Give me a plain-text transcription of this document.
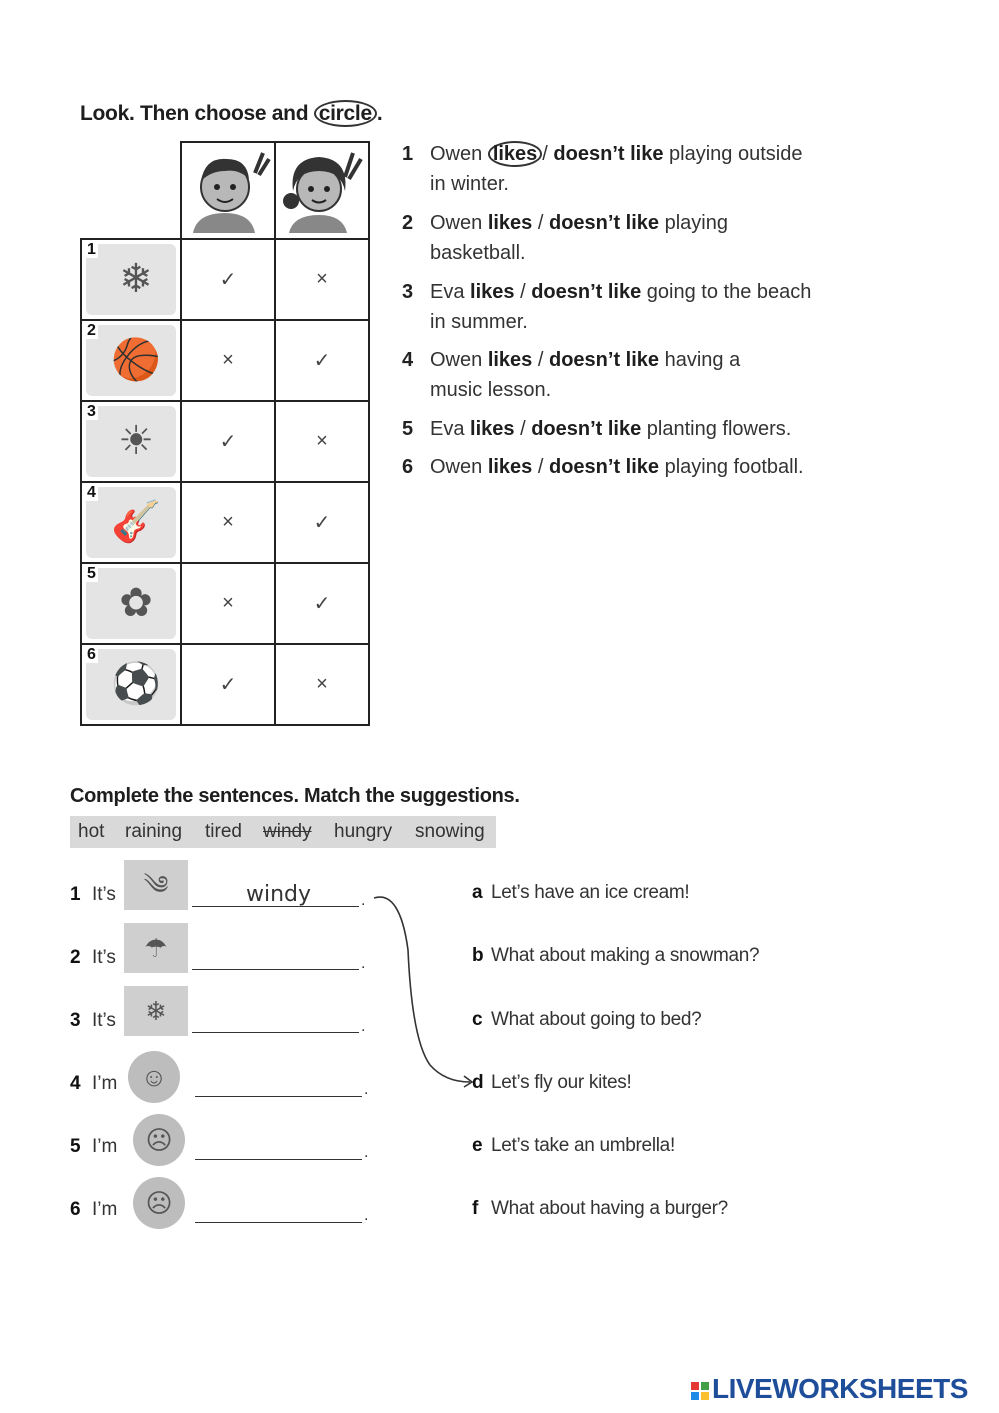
Look. Then choose and circle .

1
❄	✓	×

2
🏀	×	✓

3
☀	✓	×

4
🎸	×	✓

5
✿	×	✓

6
⚽	✓	×
1 Owen likes / doesn’t like playing outside
in winter.
2 Owen likes / doesn’t like playing
basketball.
3 Eva likes / doesn’t like going to the beach
in summer.
4 Owen likes / doesn’t like having a
music lesson.
5 Eva likes / doesn’t like planting flowers.
6 Owen likes / doesn’t like playing football.
Complete the sentences. Match the suggestions.
hot raining tired windy hungry snowing
1 It’s	༄	windy	.
2 It’s	☂
.
3 It’s	❄
.
4 I’m ☺	.
5 I’m	☹	.
6 I’m	☹	.
a Let’s have an ice cream!
b What about making a snowman?
c What about going to bed?
d Let’s fly our kites!
e Let’s take an umbrella!
f What about having a burger?

LIVEWORKSHEETS
